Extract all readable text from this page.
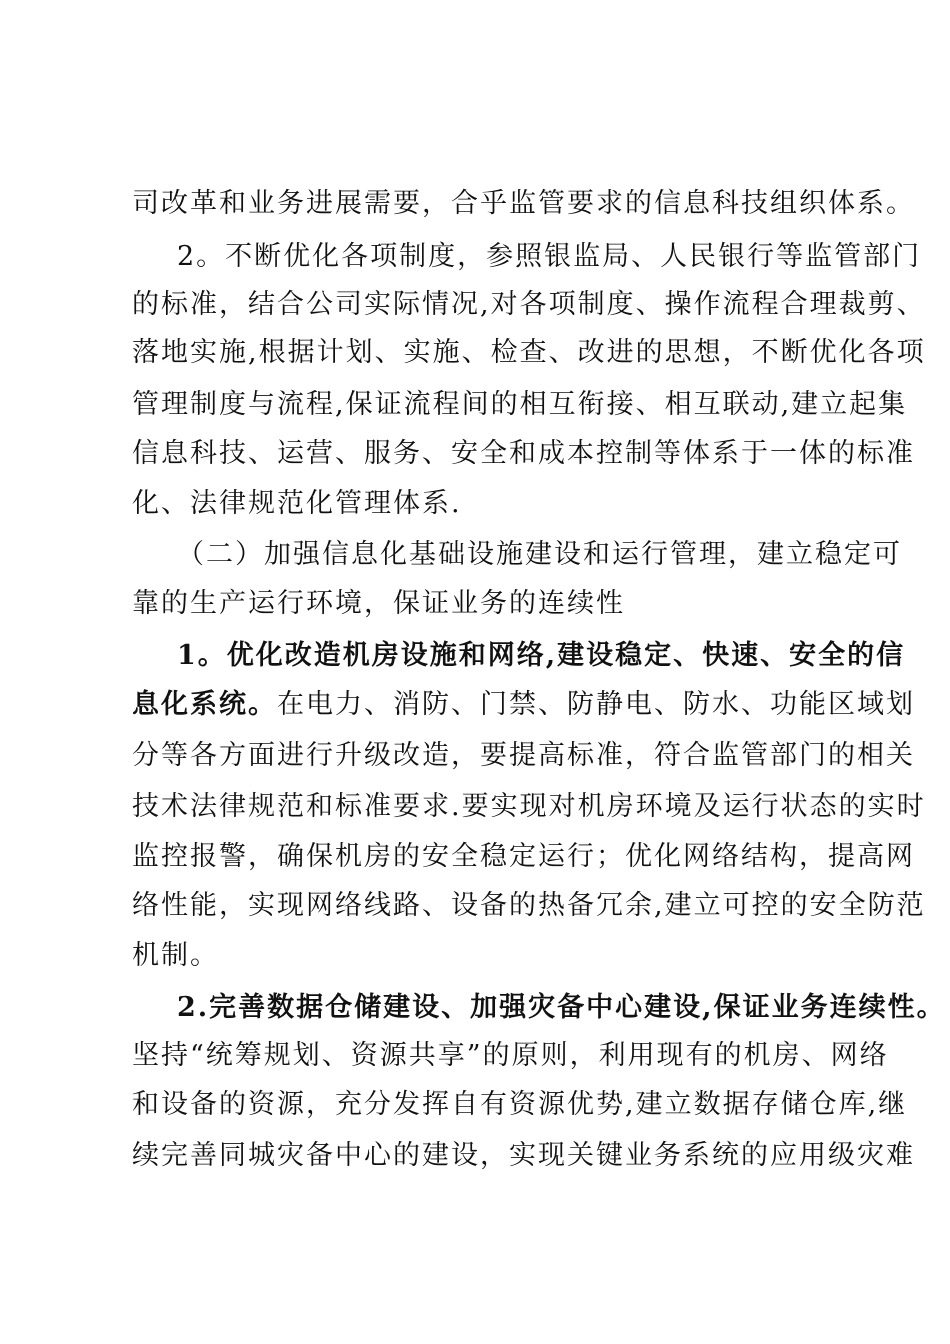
司改革和业务进展需要，合乎监管要求的信息科技组织体系。
2。不断优化各项制度，参照银监局、人民银行等监管部门
的标准，结合公司实际情况,对各项制度、操作流程合理裁剪、
落地实施,根据计划、实施、检查、改进的思想，不断优化各项
管理制度与流程,保证流程间的相互衔接、相互联动,建立起集
信息科技、运营、服务、安全和成本控制等体系于一体的标准
化、法律规范化管理体系.
（二）加强信息化基础设施建设和运行管理，建立稳定可
靠的生产运行环境，保证业务的连续性
1。优化改造机房设施和网络,建设稳定、快速、安全的信
息化系统。在电力、消防、门禁、防静电、防水、功能区域划
分等各方面进行升级改造，要提高标准，符合监管部门的相关
技术法律规范和标准要求.要实现对机房环境及运行状态的实时
监控报警，确保机房的安全稳定运行；优化网络结构，提高网
络性能，实现网络线路、设备的热备冗余,建立可控的安全防范
机制。
2.完善数据仓储建设、加强灾备中心建设,保证业务连续性。
坚持“统筹规划、资源共享”的原则，利用现有的机房、网络
和设备的资源，充分发挥自有资源优势,建立数据存储仓库,继
续完善同城灾备中心的建设，实现关键业务系统的应用级灾难
